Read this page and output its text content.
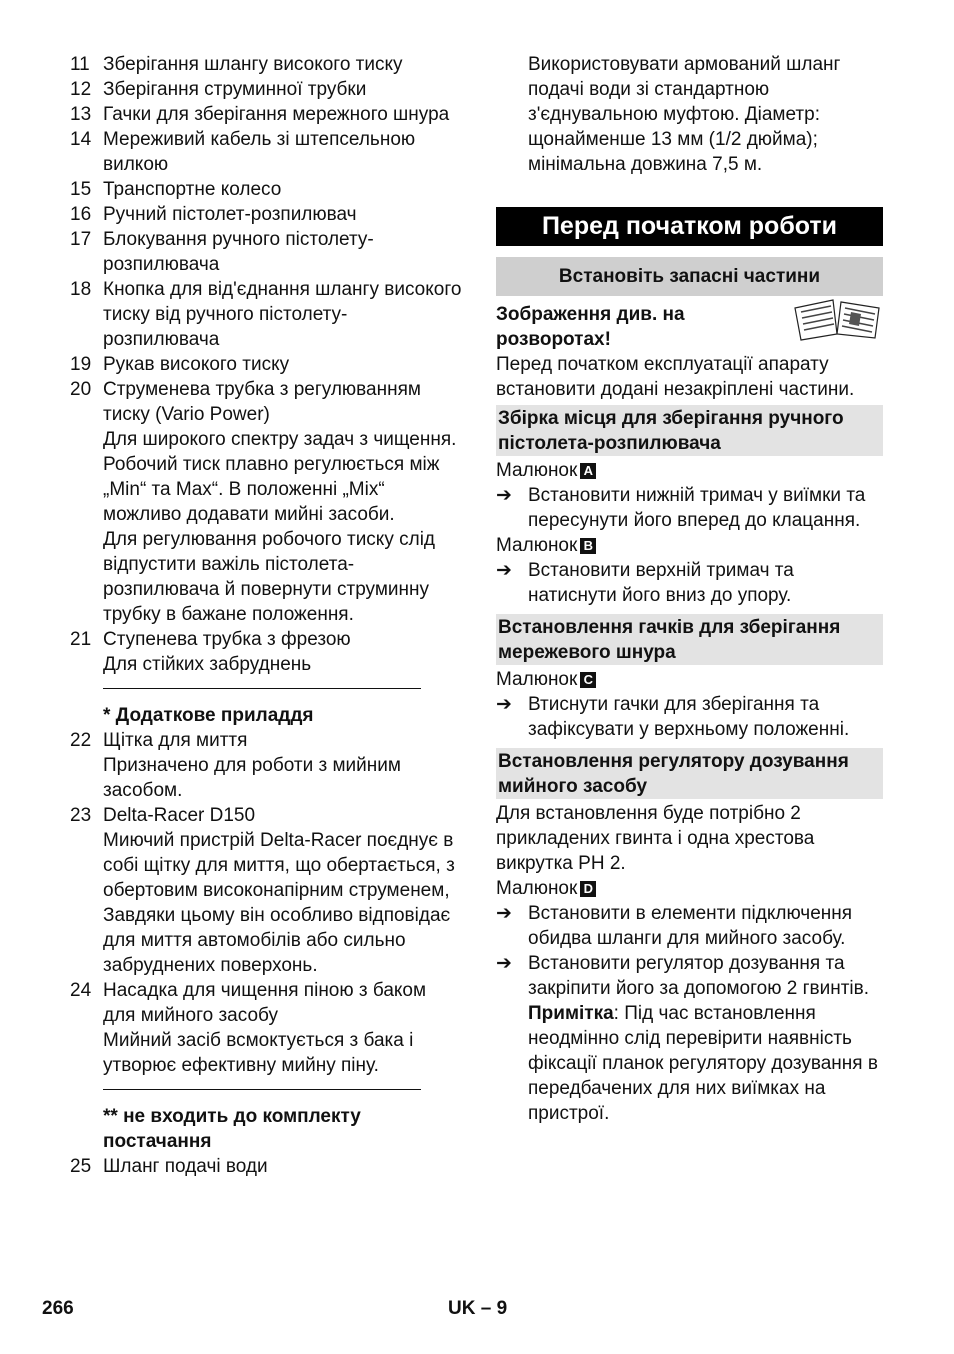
11 Зберігання шлангу високого тиску
12 Зберігання струминної трубки
13 Гачки для зберігання мережного шнура
14 Мереживий кабель зі штепсельною вилкою
15 Транспортне колесо
16 Ручний пістолет-розпилювач
17 Блокування ручного пістолету-розпилювача
18 Кнопка для від'єднання шлангу високого тиску від ручного пістолету-розпилювача
19 Рукав високого тиску
20 Струменева трубка з регулюванням тиску (Vario Power)
Для широкого спектру задач з чищення. Робочий тиск плавно регулюється між „Min“ та Max“. В положенні „Mix“ можливо додавати мийні засоби.
Для регулювання робочого тиску слід відпустити важіль пістолета-розпилювача й повернути струминну трубку в бажане положення.
21 Ступенева трубка з фрезою
Для стійких забруднень
* Додаткове приладдя
22 Щітка для миття
Призначено для роботи з мийним засобом.
23 Delta-Racer D150
Миючий пристрій Delta-Racer поєднує в собі щітку для миття, що обертається, з обертовим високонапірним струменем, Завдяки цьому він особливо відповідає для миття автомобілів або сильно забруднених поверхонь.
24 Насадка для чищення піною з баком для мийного засобу
Мийний засіб всмоктується з бака і утворює ефективну мийну піну.
** не входить до комплекту постачання
25 Шланг подачі води
Використовувати армований шланг подачі води зі стандартною з'єднувальною муфтою. Діаметр: щонайменше 13 мм (1/2 дюйма); мінімальна довжина 7,5 м.
Перед початком роботи
Встановіть запасні частини
Зображення див. на розворотах!
Перед початком експлуатації апарату встановити додані незакріплені частини.
Збірка місця для зберігання ручного пістолета-розпилювача
Малюнок A
➔ Встановити нижній тримач у виїмки та пересунути його вперед до клацання.
Малюнок B
➔ Встановити верхній тримач та натиснути його вниз до упору.
Встановлення гачків для зберігання мережевого шнура
Малюнок C
➔ Втиснути гачки для зберігання та зафіксувати у верхньому положенні.
Встановлення регулятору дозування мийного засобу
Для встановлення буде потрібно 2 прикладених гвинта і одна хрестова викрутка PH 2.
Малюнок D
➔ Встановити в елементи підключення обидва шланги для мийного засобу.
➔ Встановити регулятор дозування та закріпити його за допомогою 2 гвинтів.
Примітка: Під час встановлення неодмінно слід перевірити наявність фіксації планок регулятору дозування в передбачених для них виїмках на пристрої.
266	UK – 9
